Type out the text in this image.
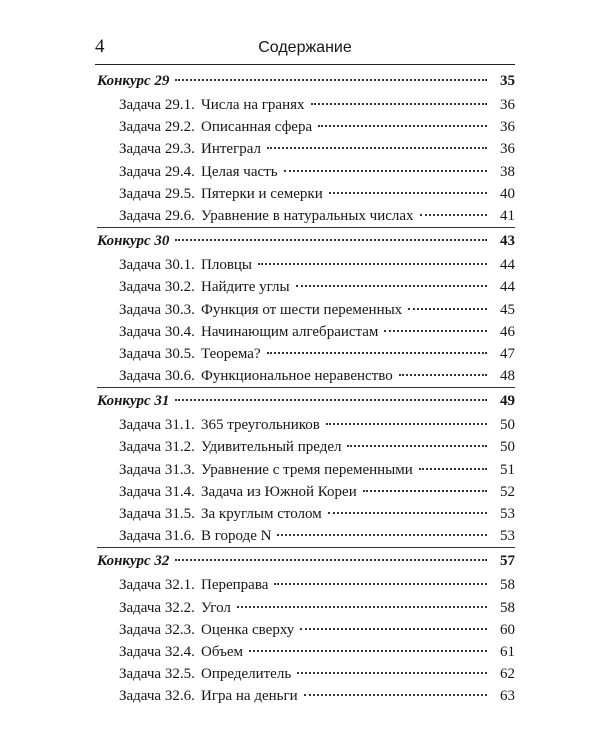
4	Содержание
Конкурс 29	35
Задача 29.1. Числа на гранях	36
Задача 29.2. Описанная сфера	36
Задача 29.3. Интеграл	36
Задача 29.4. Целая часть	38
Задача 29.5. Пятерки и семерки	40
Задача 29.6. Уравнение в натуральных числах	41
Конкурс 30	43
Задача 30.1. Пловцы	44
Задача 30.2. Найдите углы	44
Задача 30.3. Функция от шести переменных	45
Задача 30.4. Начинающим алгебраистам	46
Задача 30.5. Теорема?	47
Задача 30.6. Функциональное неравенство	48
Конкурс 31	49
Задача 31.1. 365 треугольников	50
Задача 31.2. Удивительный предел	50
Задача 31.3. Уравнение с тремя переменными	51
Задача 31.4. Задача из Южной Кореи	52
Задача 31.5. За круглым столом	53
Задача 31.6. В городе N	53
Конкурс 32	57
Задача 32.1. Переправа	58
Задача 32.2. Угол	58
Задача 32.3. Оценка сверху	60
Задача 32.4. Объем	61
Задача 32.5. Определитель	62
Задача 32.6. Игра на деньги	63
